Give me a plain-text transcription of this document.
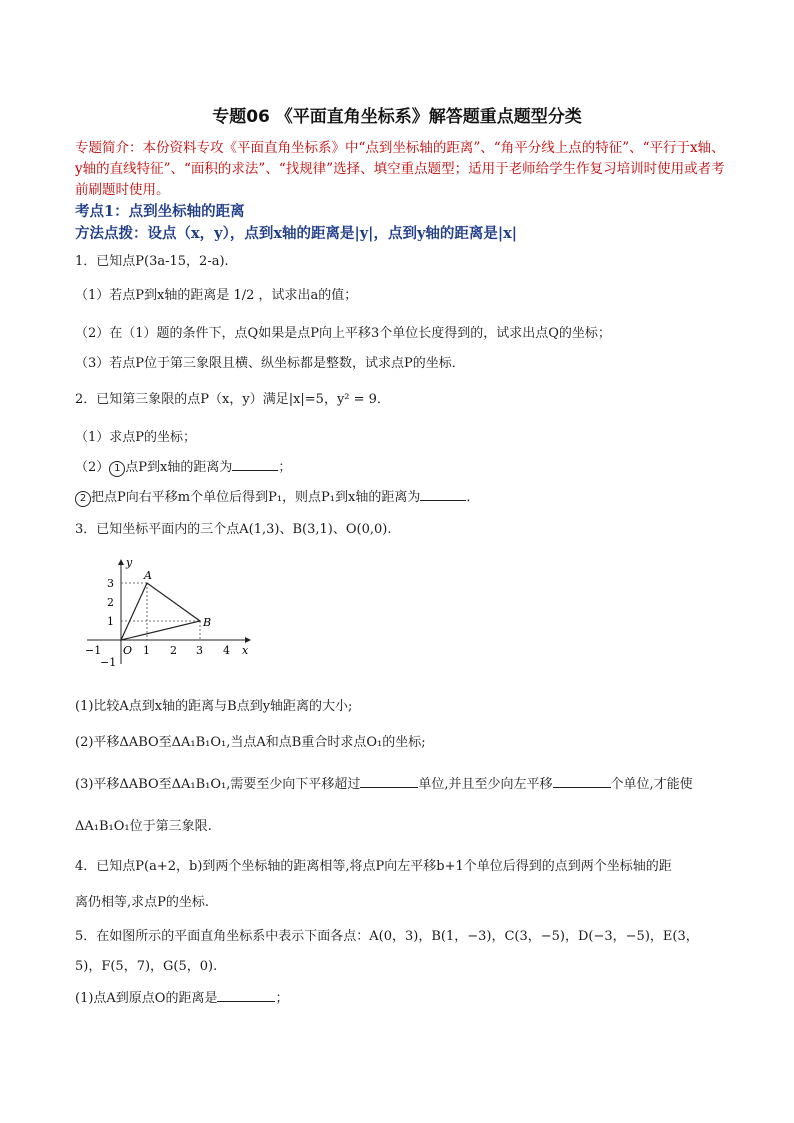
专题06 《平面直角坐标系》解答题重点题型分类
专题简介：本份资料专攻《平面直角坐标系》中“点到坐标轴的距离”、“角平分线上点的特征”、“平行于x轴、y轴的直线特征”、“面积的求法”、“找规律”选择、填空重点题型；适用于老师给学生作复习培训时使用或者考前刷题时使用。
考点1：点到坐标轴的距离
方法点拨：设点（x，y），点到x轴的距离是|y|，点到y轴的距离是|x|
1．已知点P(3a-15，2-a).
（1）若点P到x轴的距离是 1/2 ，试求出a的值；
（2）在（1）题的条件下，点Q如果是点P向上平移3个单位长度得到的，试求出点Q的坐标；
（3）若点P位于第三象限且横、纵坐标都是整数，试求点P的坐标．
2．已知第三象限的点P（x，y）满足|x|=5，y² = 9．
（1）求点P的坐标；
（2） 1 点P到x轴的距离为	；
2 把点P向右平移m个单位后得到P₁，则点P₁到x轴的距离为	．
3．已知坐标平面内的三个点A(1,3)、B(3,1)、O(0,0).
x
y
O
A
B
−1	1 2 3 4
3
2
1
−1
(1)比较A点到x轴的距离与B点到y轴距离的大小;
(2)平移ΔABO至ΔA₁B₁O₁,当点A和点B重合时求点O₁的坐标;
(3)平移ΔABO至ΔA₁B₁O₁,需要至少向下平移超过	单位,并且至少向左平移	个单位,才能使
ΔA₁B₁O₁位于第三象限.
4．已知点P(a+2，b)到两个坐标轴的距离相等,将点P向左平移b+1个单位后得到的点到两个坐标轴的距
离仍相等,求点P的坐标.
5．在如图所示的平面直角坐标系中表示下面各点：A(0，3)，B(1，−3)，C(3，−5)，D(−3，−5)，E(3，
5)，F(5，7)，G(5，0).
(1)点A到原点O的距离是	；
